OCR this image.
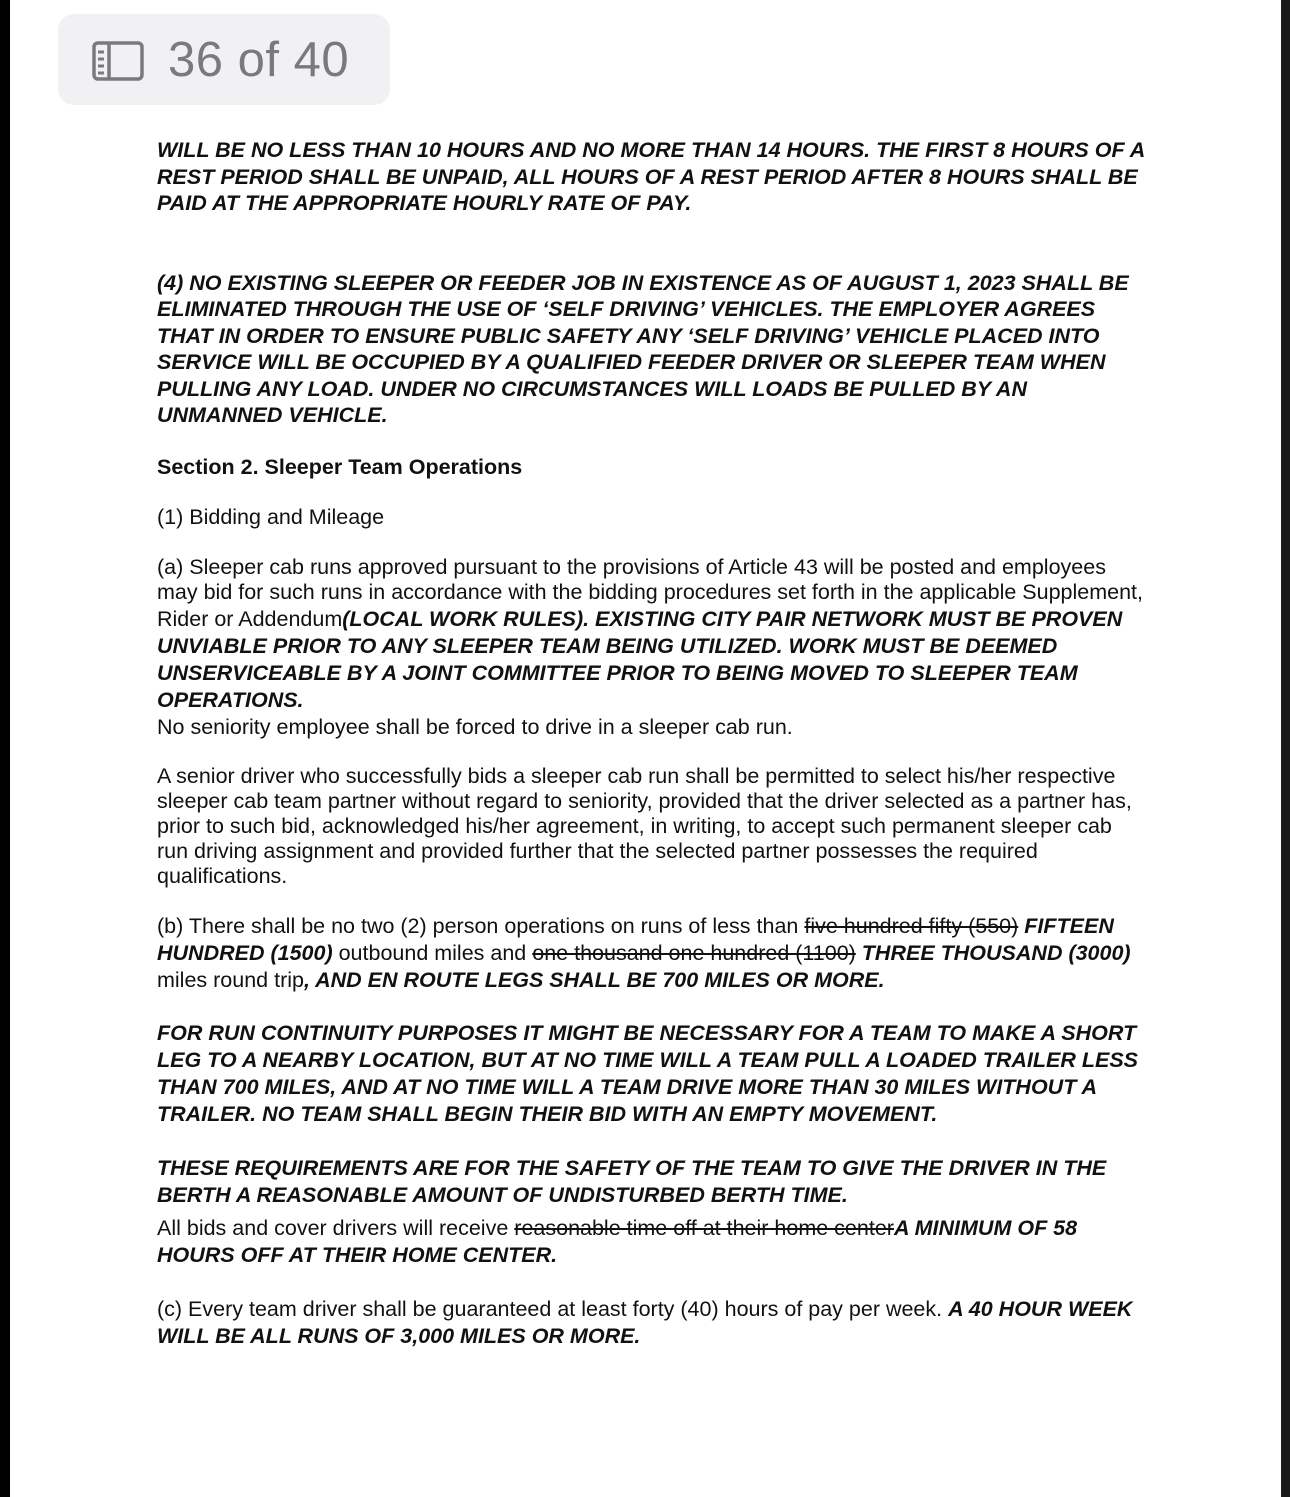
36 of 40

WILL BE NO LESS THAN 10 HOURS AND NO MORE THAN 14 HOURS. THE FIRST 8 HOURS OF A REST PERIOD SHALL BE UNPAID, ALL HOURS OF A REST PERIOD AFTER 8 HOURS SHALL BE PAID AT THE APPROPRIATE HOURLY RATE OF PAY.

(4) NO EXISTING SLEEPER OR FEEDER JOB IN EXISTENCE AS OF AUGUST 1, 2023 SHALL BE ELIMINATED THROUGH THE USE OF ‘SELF DRIVING’ VEHICLES. THE EMPLOYER AGREES THAT IN ORDER TO ENSURE PUBLIC SAFETY ANY ‘SELF DRIVING’ VEHICLE PLACED INTO SERVICE WILL BE OCCUPIED BY A QUALIFIED FEEDER DRIVER OR SLEEPER TEAM WHEN PULLING ANY LOAD. UNDER NO CIRCUMSTANCES WILL LOADS BE PULLED BY AN UNMANNED VEHICLE.

Section 2. Sleeper Team Operations

(1) Bidding and Mileage

(a) Sleeper cab runs approved pursuant to the provisions of Article 43 will be posted and employees may bid for such runs in accordance with the bidding procedures set forth in the applicable Supplement, Rider or Addendum(LOCAL WORK RULES). EXISTING CITY PAIR NETWORK MUST BE PROVEN UNVIABLE PRIOR TO ANY SLEEPER TEAM BEING UTILIZED. WORK MUST BE DEEMED UNSERVICEABLE BY A JOINT COMMITTEE PRIOR TO BEING MOVED TO SLEEPER TEAM OPERATIONS.

No seniority employee shall be forced to drive in a sleeper cab run.

A senior driver who successfully bids a sleeper cab run shall be permitted to select his/her respective sleeper cab team partner without regard to seniority, provided that the driver selected as a partner has, prior to such bid, acknowledged his/her agreement, in writing, to accept such permanent sleeper cab run driving assignment and provided further that the selected partner possesses the required qualifications.

(b) There shall be no two (2) person operations on runs of less than five hundred fifty (550) FIFTEEN HUNDRED (1500) outbound miles and one thousand one hundred (1100) THREE THOUSAND (3000) miles round trip, AND EN ROUTE LEGS SHALL BE 700 MILES OR MORE.

FOR RUN CONTINUITY PURPOSES IT MIGHT BE NECESSARY FOR A TEAM TO MAKE A SHORT LEG TO A NEARBY LOCATION, BUT AT NO TIME WILL A TEAM PULL A LOADED TRAILER LESS THAN 700 MILES, AND AT NO TIME WILL A TEAM DRIVE MORE THAN 30 MILES WITHOUT A TRAILER. NO TEAM SHALL BEGIN THEIR BID WITH AN EMPTY MOVEMENT.

THESE REQUIREMENTS ARE FOR THE SAFETY OF THE TEAM TO GIVE THE DRIVER IN THE BERTH A REASONABLE AMOUNT OF UNDISTURBED BERTH TIME.

All bids and cover drivers will receive reasonable time off at their home centerA MINIMUM OF 58 HOURS OFF AT THEIR HOME CENTER.

(c) Every team driver shall be guaranteed at least forty (40) hours of pay per week. A 40 HOUR WEEK WILL BE ALL RUNS OF 3,000 MILES OR MORE.
